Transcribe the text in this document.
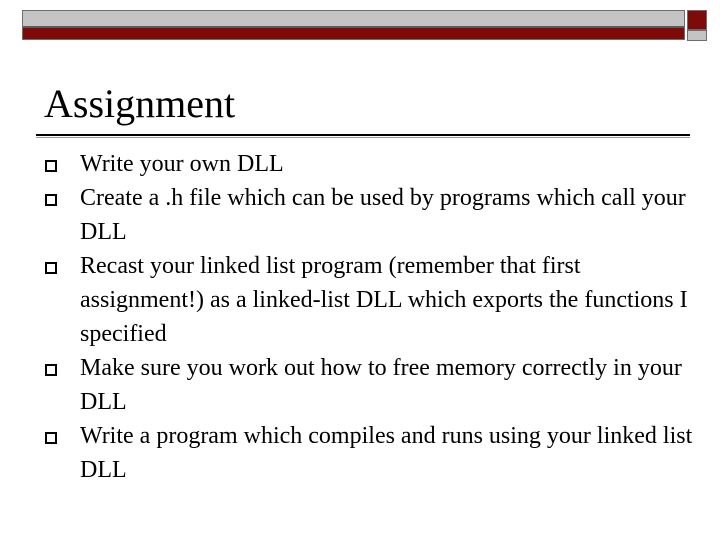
Assignment
Write your own DLL
Create a .h file which can be used by programs which call your DLL
Recast your linked list program (remember that first assignment!) as a linked-list DLL which exports the functions I specified
Make sure you work out how to free memory correctly in your DLL
Write a program which compiles and runs using your linked list DLL
